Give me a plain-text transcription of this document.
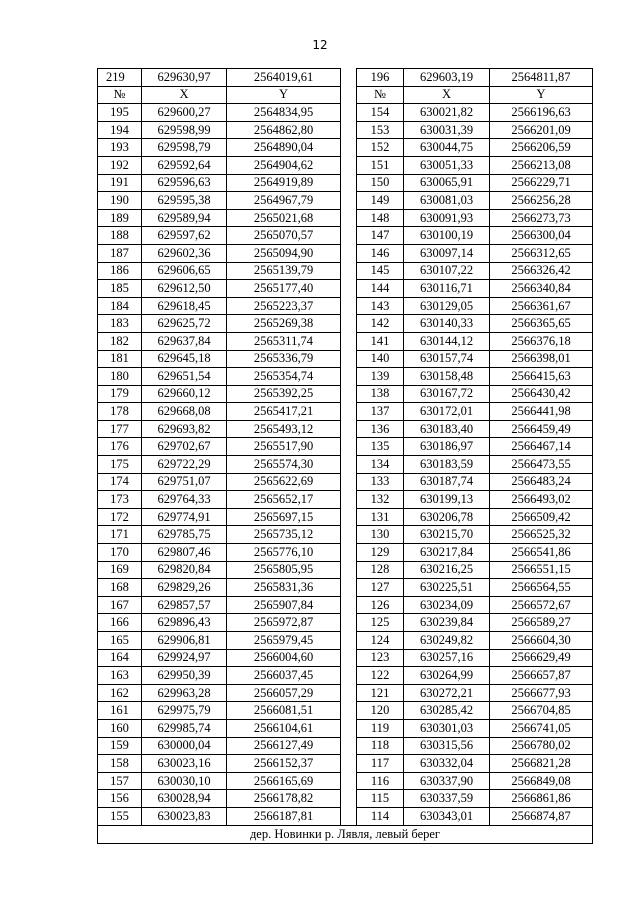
12
219	629630,97	2564019,61		196	629603,19	2564811,87
№	X	Y		№	X	Y
195	629600,27	2564834,95		154	630021,82	2566196,63
194	629598,99	2564862,80		153	630031,39	2566201,09
193	629598,79	2564890,04		152	630044,75	2566206,59
192	629592,64	2564904,62		151	630051,33	2566213,08
191	629596,63	2564919,89		150	630065,91	2566229,71
190	629595,38	2564967,79		149	630081,03	2566256,28
189	629589,94	2565021,68		148	630091,93	2566273,73
188	629597,62	2565070,57		147	630100,19	2566300,04
187	629602,36	2565094,90		146	630097,14	2566312,65
186	629606,65	2565139,79		145	630107,22	2566326,42
185	629612,50	2565177,40		144	630116,71	2566340,84
184	629618,45	2565223,37		143	630129,05	2566361,67
183	629625,72	2565269,38		142	630140,33	2566365,65
182	629637,84	2565311,74		141	630144,12	2566376,18
181	629645,18	2565336,79		140	630157,74	2566398,01
180	629651,54	2565354,74		139	630158,48	2566415,63
179	629660,12	2565392,25		138	630167,72	2566430,42
178	629668,08	2565417,21		137	630172,01	2566441,98
177	629693,82	2565493,12		136	630183,40	2566459,49
176	629702,67	2565517,90		135	630186,97	2566467,14
175	629722,29	2565574,30		134	630183,59	2566473,55
174	629751,07	2565622,69		133	630187,74	2566483,24
173	629764,33	2565652,17		132	630199,13	2566493,02
172	629774,91	2565697,15		131	630206,78	2566509,42
171	629785,75	2565735,12		130	630215,70	2566525,32
170	629807,46	2565776,10		129	630217,84	2566541,86
169	629820,84	2565805,95		128	630216,25	2566551,15
168	629829,26	2565831,36		127	630225,51	2566564,55
167	629857,57	2565907,84		126	630234,09	2566572,67
166	629896,43	2565972,87		125	630239,84	2566589,27
165	629906,81	2565979,45		124	630249,82	2566604,30
164	629924,97	2566004,60		123	630257,16	2566629,49
163	629950,39	2566037,45		122	630264,99	2566657,87
162	629963,28	2566057,29		121	630272,21	2566677,93
161	629975,79	2566081,51		120	630285,42	2566704,85
160	629985,74	2566104,61		119	630301,03	2566741,05
159	630000,04	2566127,49		118	630315,56	2566780,02
158	630023,16	2566152,37		117	630332,04	2566821,28
157	630030,10	2566165,69		116	630337,90	2566849,08
156	630028,94	2566178,82		115	630337,59	2566861,86
155	630023,83	2566187,81		114	630343,01	2566874,87
дер. Новинки р. Лявля, левый берег						
